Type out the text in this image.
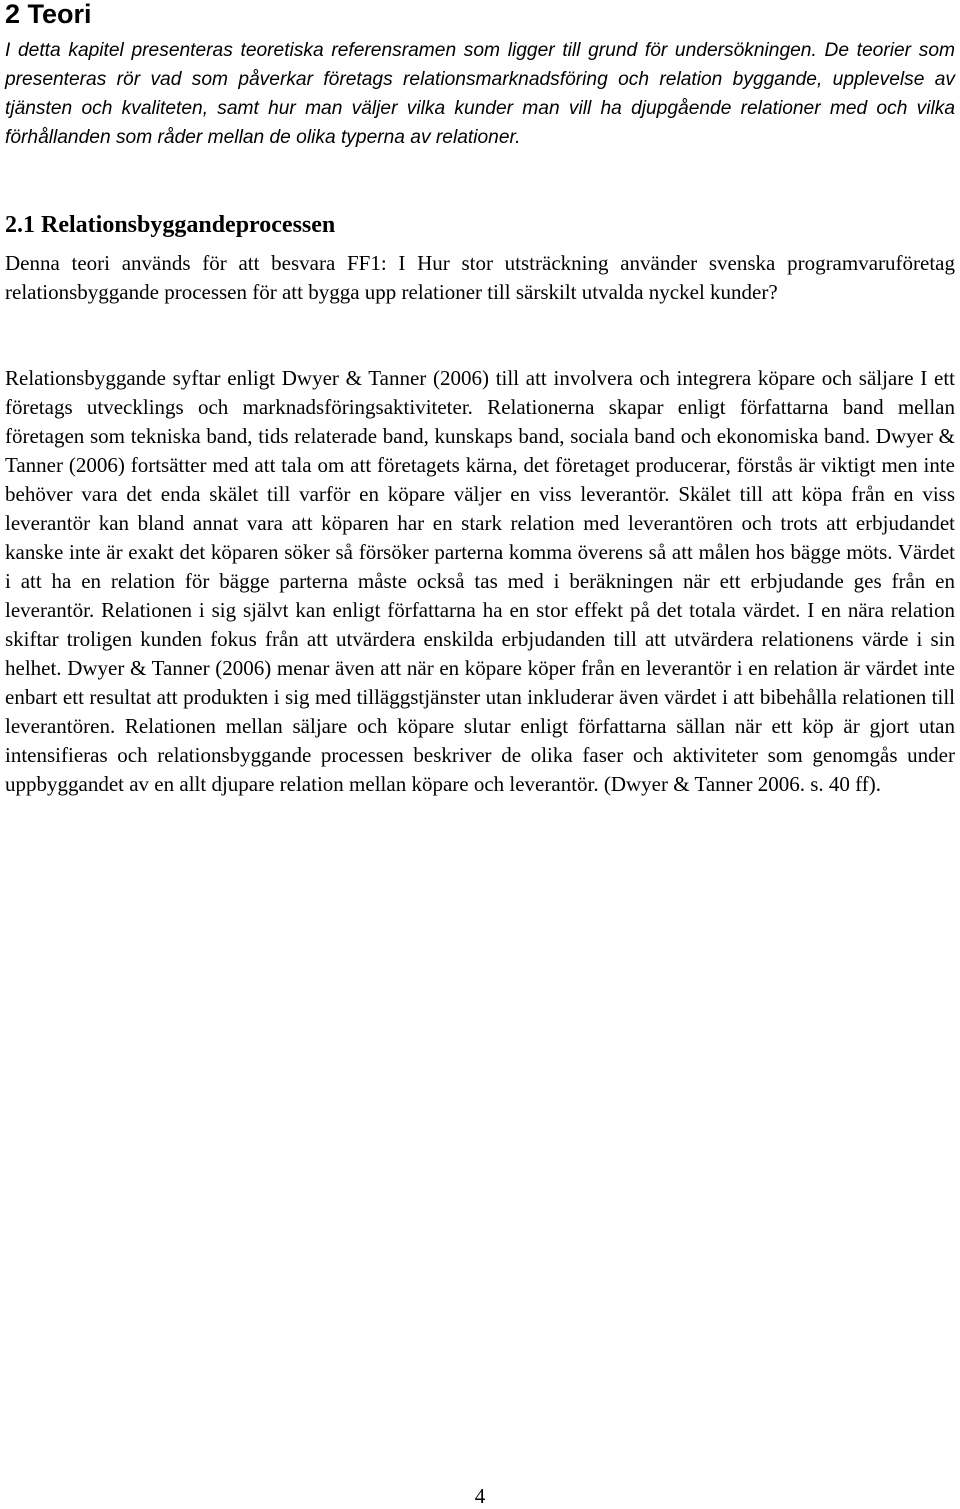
2 Teori

I detta kapitel presenteras teoretiska referensramen som ligger till grund för undersökningen. De teorier som presenteras rör vad som påverkar företags relationsmarknadsföring och relation byggande, upplevelse av tjänsten och kvaliteten, samt hur man väljer vilka kunder man vill ha djupgående relationer med och vilka förhållanden som råder mellan de olika typerna av relationer.

2.1 Relationsbyggandeprocessen

Denna teori används för att besvara FF1: I Hur stor utsträckning använder svenska programvaruföretag relationsbyggande processen för att bygga upp relationer till särskilt utvalda nyckel kunder?

Relationsbyggande syftar enligt Dwyer & Tanner (2006) till att involvera och integrera köpare och säljare I ett företags utvecklings och marknadsföringsaktiviteter. Relationerna skapar enligt författarna band mellan företagen som tekniska band, tids relaterade band, kunskaps band, sociala band och ekonomiska band. Dwyer & Tanner (2006) fortsätter med att tala om att företagets kärna, det företaget producerar, förstås är viktigt men inte behöver vara det enda skälet till varför en köpare väljer en viss leverantör. Skälet till att köpa från en viss leverantör kan bland annat vara att köparen har en stark relation med leverantören och trots att erbjudandet kanske inte är exakt det köparen söker så försöker parterna komma överens så att målen hos bägge möts. Värdet i att ha en relation för bägge parterna måste också tas med i beräkningen när ett erbjudande ges från en leverantör. Relationen i sig självt kan enligt författarna ha en stor effekt på det totala värdet. I en nära relation skiftar troligen kunden fokus från att utvärdera enskilda erbjudanden till att utvärdera relationens värde i sin helhet. Dwyer & Tanner (2006) menar även att när en köpare köper från en leverantör i en relation är värdet inte enbart ett resultat att produkten i sig med tilläggstjänster utan inkluderar även värdet i att bibehålla relationen till leverantören. Relationen mellan säljare och köpare slutar enligt författarna sällan när ett köp är gjort utan intensifieras och relationsbyggande processen beskriver de olika faser och aktiviteter som genomgås under uppbyggandet av en allt djupare relation mellan köpare och leverantör. (Dwyer & Tanner 2006. s. 40 ff).

4
